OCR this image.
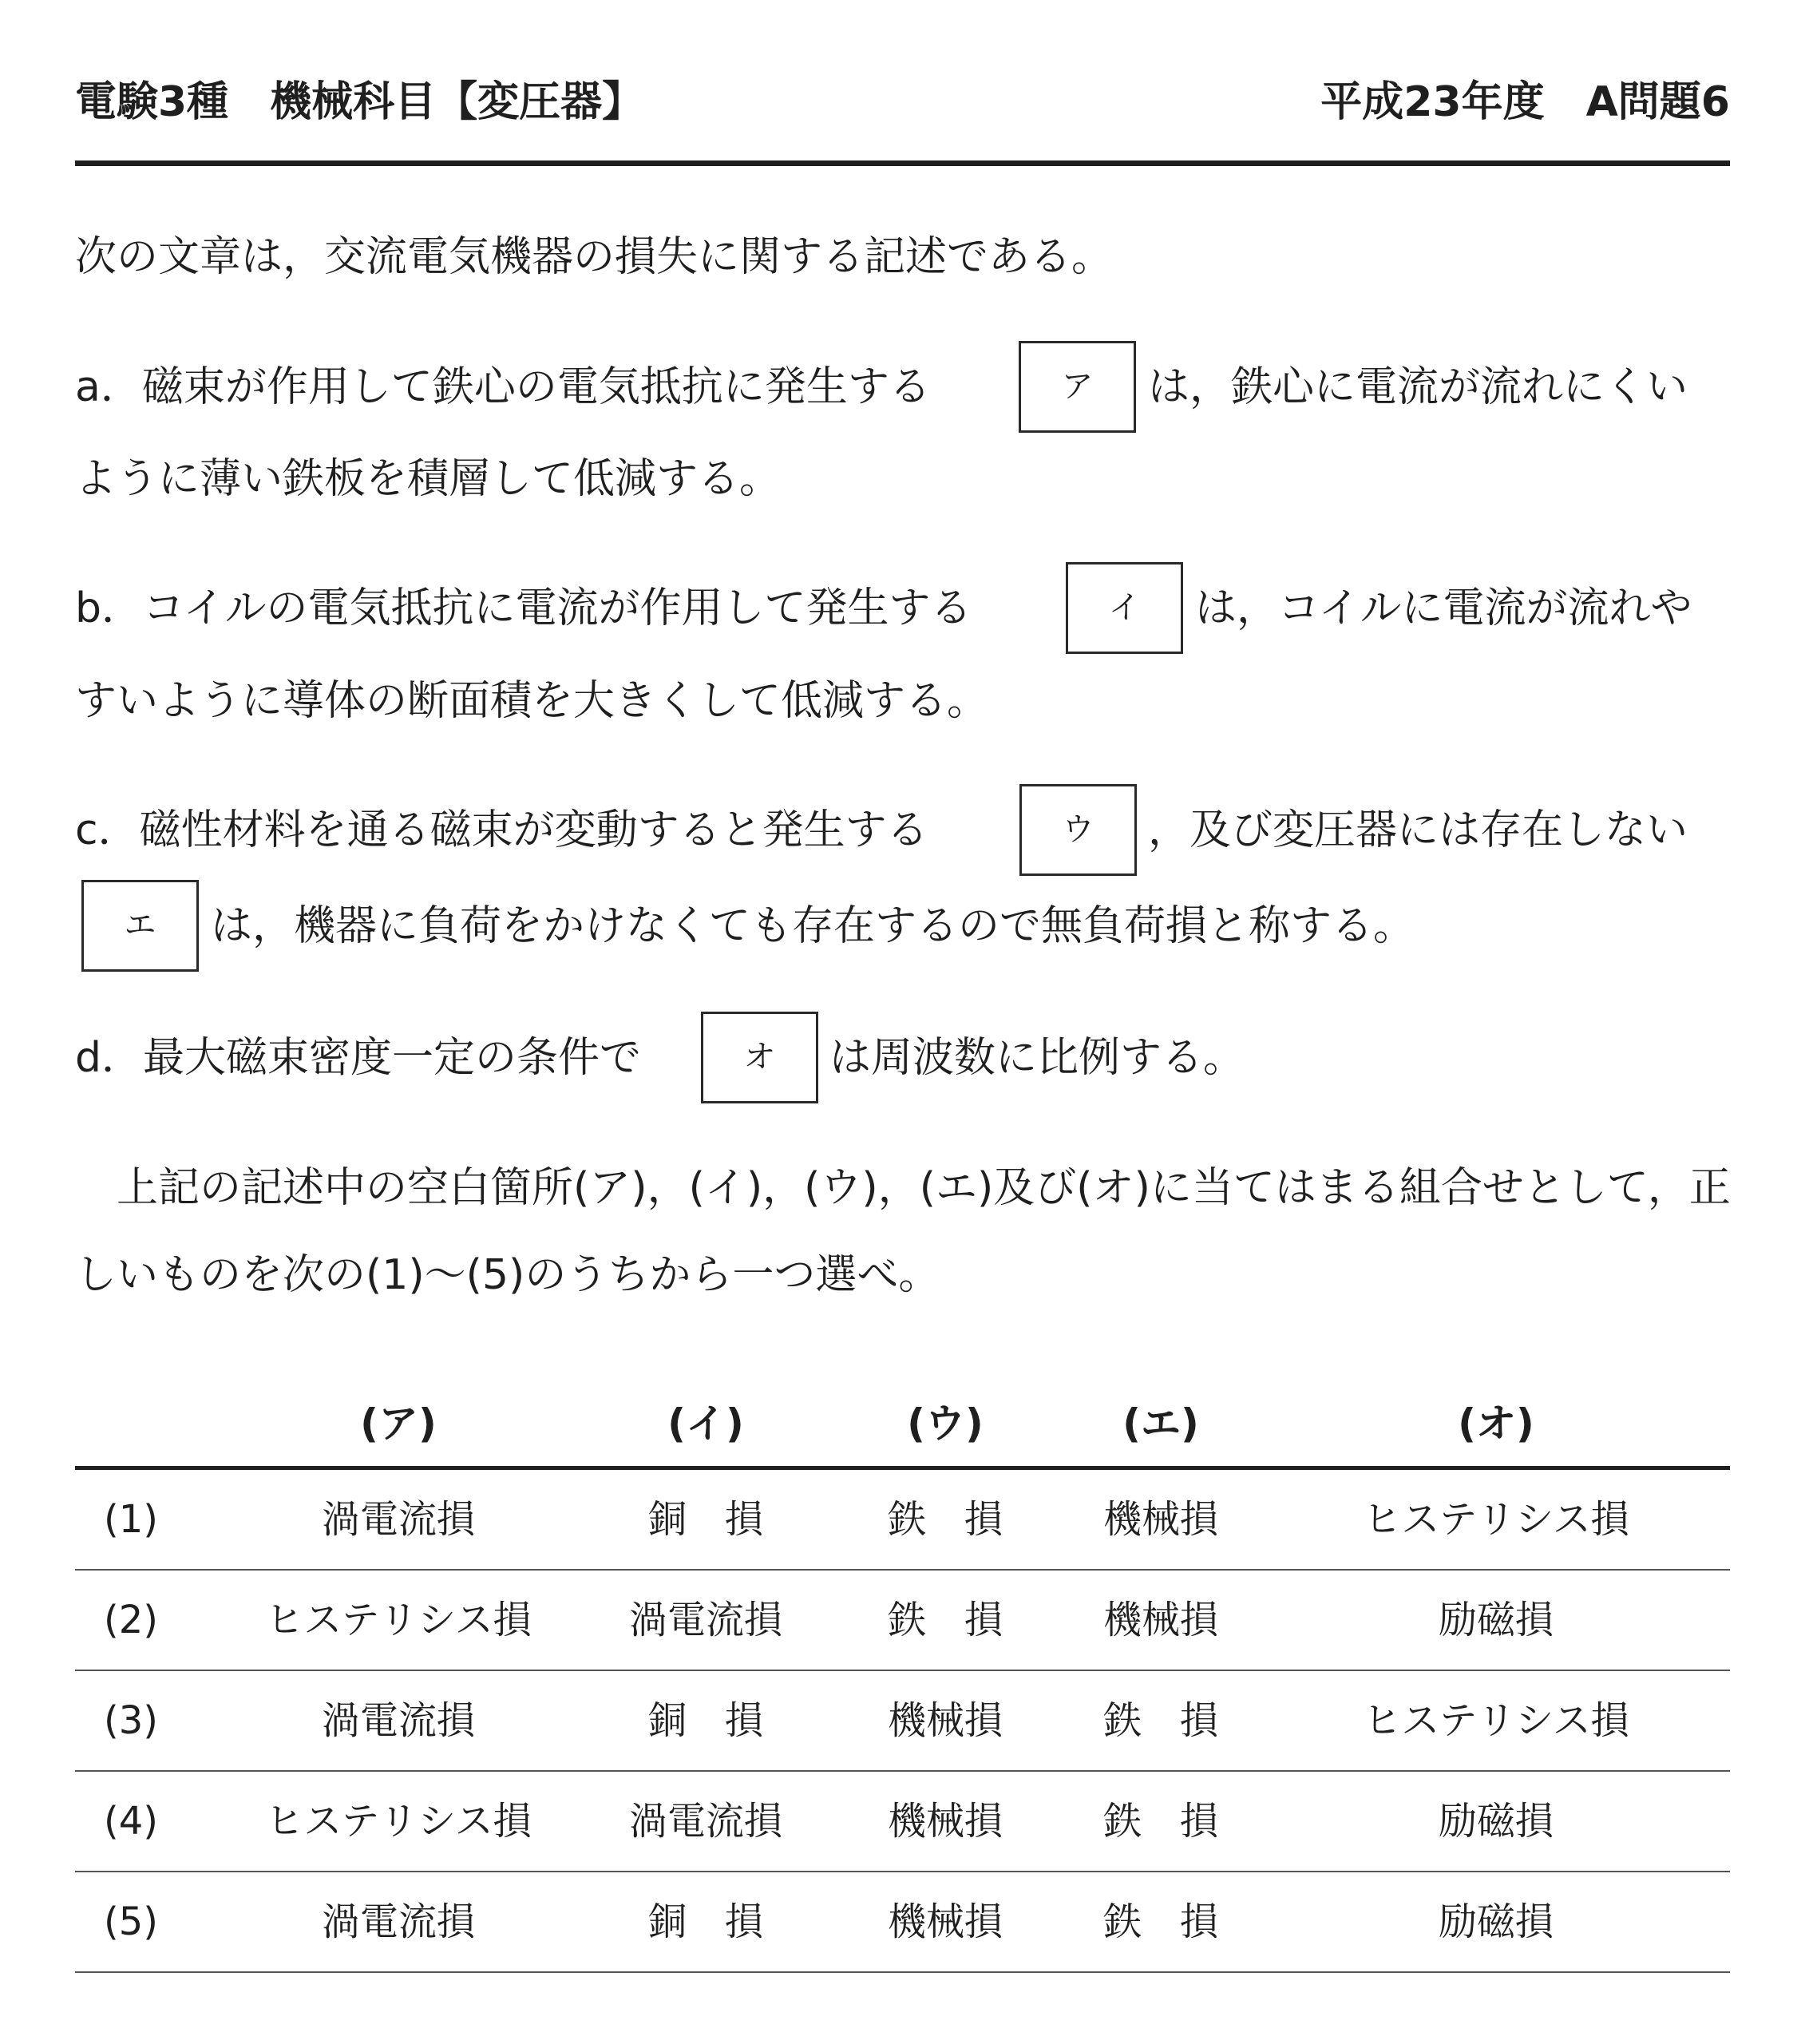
電験3種　機械科目【変圧器】	平成23年度　A問題6
次の文章は，交流電気機器の損失に関する記述である。
a．磁束が作用して鉄心の電気抵抗に発生する	ア	は，鉄心に電流が流れにくい
ように薄い鉄板を積層して低減する。
b．コイルの電気抵抗に電流が作用して発生する	イ	は，コイルに電流が流れや
すいように導体の断面積を大きくして低減する。
c．磁性材料を通る磁束が変動すると発生する	ウ	，及び変圧器には存在しない
エ	は，機器に負荷をかけなくても存在するので無負荷損と称する。
d．最大磁束密度一定の条件で	オ	は周波数に比例する。
　上記の記述中の空白箇所(ア)，(イ)，(ウ)，(エ)及び(オ)に当てはまる組合せとして，正
しいものを次の(1)～(5)のうちから一つ選べ。
(ア)	(イ)	(ウ)	(エ)	(オ)
(1)	渦電流損	銅　損	鉄　損	機械損	ヒステリシス損
(2)	ヒステリシス損	渦電流損	鉄　損	機械損	励磁損
(3)	渦電流損	銅　損	機械損	鉄　損	ヒステリシス損
(4)	ヒステリシス損	渦電流損	機械損	鉄　損	励磁損
(5)	渦電流損	銅　損	機械損	鉄　損	励磁損
